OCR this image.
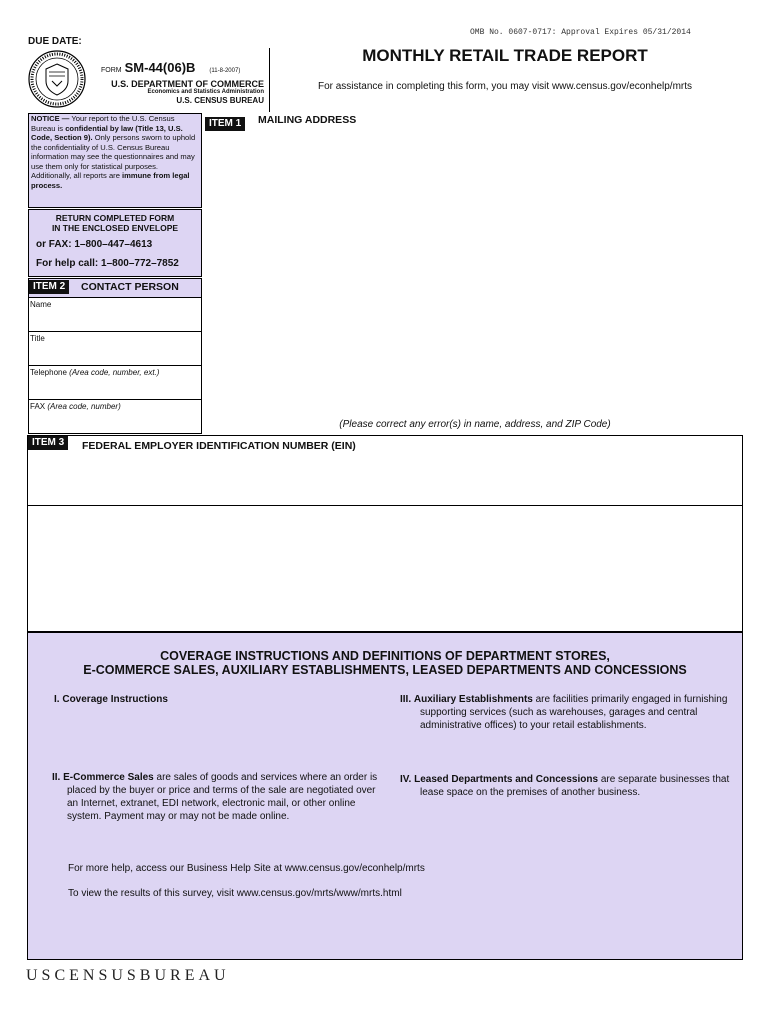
OMB No. 0607-0717: Approval Expires 05/31/2014
DUE DATE:
FORM SM-44(06)B (11-8-2007)
U.S. DEPARTMENT OF COMMERCE
Economics and Statistics Administration
U.S. CENSUS BUREAU
MONTHLY RETAIL TRADE REPORT
For assistance in completing this form, you may visit www.census.gov/econhelp/mrts
NOTICE — Your report to the U.S. Census Bureau is confidential by law (Title 13, U.S. Code, Section 9). Only persons sworn to uphold the confidentiality of U.S. Census Bureau information may see the questionnaires and may use them only for statistical purposes. Additionally, all reports are immune from legal process.
RETURN COMPLETED FORM
IN THE ENCLOSED ENVELOPE
or FAX: 1–800–447–4613
For help call: 1–800–772–7852
ITEM 1	MAILING ADDRESS
ITEM 2	CONTACT PERSON
Name
Title
Telephone (Area code, number, ext.)
FAX (Area code, number)
(Please correct any error(s) in name, address, and ZIP Code)
ITEM 3	FEDERAL EMPLOYER IDENTIFICATION NUMBER (EIN)
COVERAGE INSTRUCTIONS AND DEFINITIONS OF DEPARTMENT STORES,
E-COMMERCE SALES, AUXILIARY ESTABLISHMENTS, LEASED DEPARTMENTS AND CONCESSIONS
I. Coverage Instructions
II. E-Commerce Sales are sales of goods and services where an order is placed by the buyer or price and terms of the sale are negotiated over an Internet, extranet, EDI network, electronic mail, or other online system. Payment may or may not be made online.
III. Auxiliary Establishments are facilities primarily engaged in furnishing supporting services (such as warehouses, garages and central administrative offices) to your retail establishments.
IV. Leased Departments and Concessions are separate businesses that lease space on the premises of another business.
For more help, access our Business Help Site at www.census.gov/econhelp/mrts
To view the results of this survey, visit www.census.gov/mrts/www/mrts.html
USCENSUSBUREAU
